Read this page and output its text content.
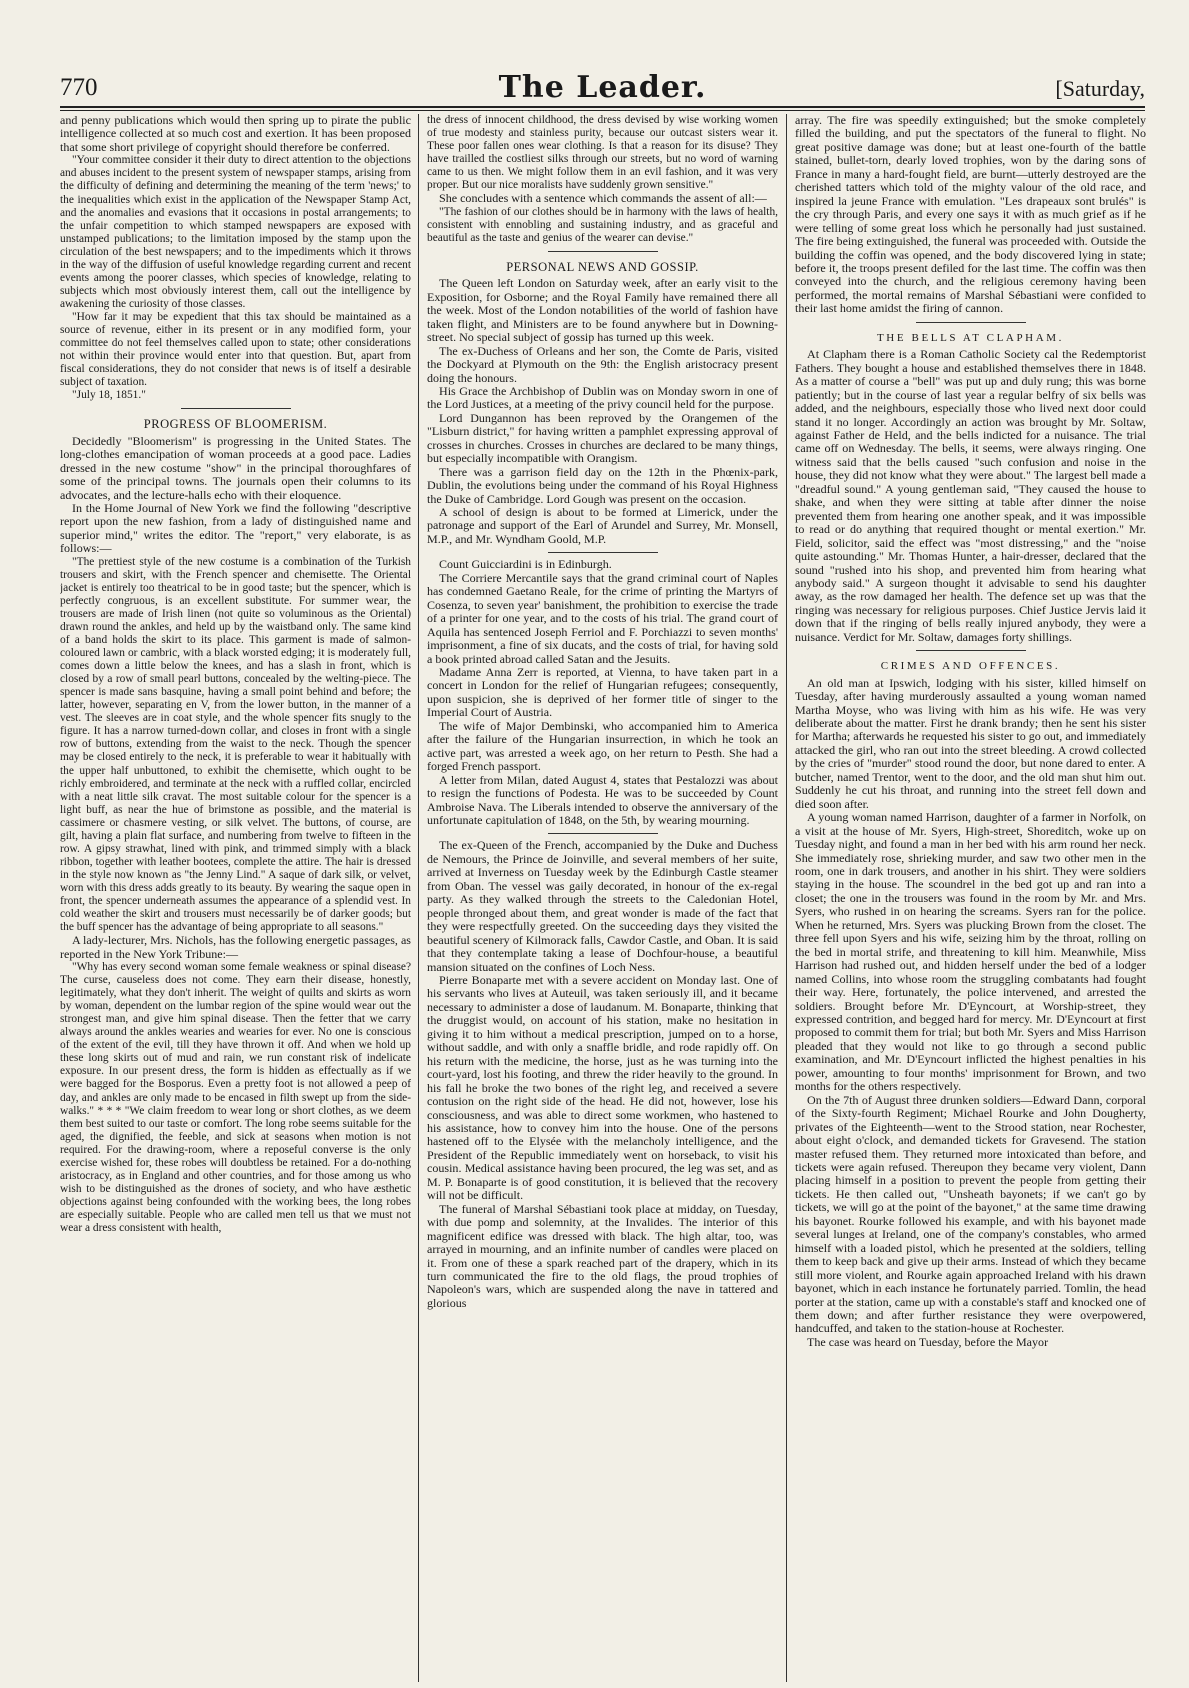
770	The Leader.	[Saturday,

and penny publications which would then spring up to pirate the public intelligence collected at so much cost and exertion. It has been proposed that some short privilege of copyright should therefore be conferred.

"Your committee consider it their duty to direct attention to the objections and abuses incident to the present system of newspaper stamps, arising from the difficulty of defining and determining the meaning of the term 'news;' to the inequalities which exist in the application of the Newspaper Stamp Act, and the anomalies and evasions that it occasions in postal arrangements; to the unfair competition to which stamped newspapers are exposed with unstamped publications; to the limitation imposed by the stamp upon the circulation of the best newspapers; and to the impediments which it throws in the way of the diffusion of useful knowledge regarding current and recent events among the poorer classes, which species of knowledge, relating to subjects which most obviously interest them, call out the intelligence by awakening the curiosity of those classes.

"How far it may be expedient that this tax should be maintained as a source of revenue, either in its present or in any modified form, your committee do not feel themselves called upon to state; other considerations not within their province would enter into that question. But, apart from fiscal considerations, they do not consider that news is of itself a desirable subject of taxation.

"July 18, 1851."

PROGRESS OF BLOOMERISM.

Decidedly "Bloomerism" is progressing in the United States. The long-clothes emancipation of woman proceeds at a good pace. Ladies dressed in the new costume "show" in the principal thoroughfares of some of the principal towns. The journals open their columns to its advocates, and the lecture-halls echo with their eloquence.

In the Home Journal of New York we find the following "descriptive report upon the new fashion, from a lady of distinguished name and superior mind," writes the editor. The "report," very elaborate, is as follows:—

"The prettiest style of the new costume is a combination of the Turkish trousers and skirt, with the French spencer and chemisette. The Oriental jacket is entirely too theatrical to be in good taste; but the spencer, which is perfectly congruous, is an excellent substitute. For summer wear, the trousers are made of Irish linen (not quite so voluminous as the Oriental) drawn round the ankles, and held up by the waistband only. The same kind of a band holds the skirt to its place. This garment is made of salmon-coloured lawn or cambric, with a black worsted edging; it is moderately full, comes down a little below the knees, and has a slash in front, which is closed by a row of small pearl buttons, concealed by the welting-piece. The spencer is made sans basquine, having a small point behind and before; the latter, however, separating en V, from the lower button, in the manner of a vest. The sleeves are in coat style, and the whole spencer fits snugly to the figure. It has a narrow turned-down collar, and closes in front with a single row of buttons, extending from the waist to the neck. Though the spencer may be closed entirely to the neck, it is preferable to wear it habitually with the upper half unbuttoned, to exhibit the chemisette, which ought to be richly embroidered, and terminate at the neck with a ruffled collar, encircled with a neat little silk cravat. The most suitable colour for the spencer is a light buff, as near the hue of brimstone as possible, and the material is cassimere or chasmere vesting, or silk velvet. The buttons, of course, are gilt, having a plain flat surface, and numbering from twelve to fifteen in the row. A gipsy strawhat, lined with pink, and trimmed simply with a black ribbon, together with leather bootees, complete the attire. The hair is dressed in the style now known as "the Jenny Lind." A saque of dark silk, or velvet, worn with this dress adds greatly to its beauty. By wearing the saque open in front, the spencer underneath assumes the appearance of a splendid vest. In cold weather the skirt and trousers must necessarily be of darker goods; but the buff spencer has the advantage of being appropriate to all seasons."

A lady-lecturer, Mrs. Nichols, has the following energetic passages, as reported in the New York Tribune:—

"Why has every second woman some female weakness or spinal disease? The curse, causeless does not come. They earn their disease, honestly, legitimately, what they don't inherit. The weight of quilts and skirts as worn by woman, dependent on the lumbar region of the spine would wear out the strongest man, and give him spinal disease. Then the fetter that we carry always around the ankles wearies and wearies for ever. No one is conscious of the extent of the evil, till they have thrown it off. And when we hold up these long skirts out of mud and rain, we run constant risk of indelicate exposure. In our present dress, the form is hidden as effectually as if we were bagged for the Bosporus. Even a pretty foot is not allowed a peep of day, and ankles are only made to be encased in filth swept up from the side-walks." * * * "We claim freedom to wear long or short clothes, as we deem them best suited to our taste or comfort. The long robe seems suitable for the aged, the dignified, the feeble, and sick at seasons when motion is not required. For the drawing-room, where a reposeful converse is the only exercise wished for, these robes will doubtless be retained. For a do-nothing aristocracy, as in England and other countries, and for those among us who wish to be distinguished as the drones of society, and who have æsthetic objections against being confounded with the working bees, the long robes are especially suitable. People who are called men tell us that we must not wear a dress consistent with health,

the dress of innocent childhood, the dress devised by wise working women of true modesty and stainless purity, because our outcast sisters wear it. These poor fallen ones wear clothing. Is that a reason for its disuse? They have trailled the costliest silks through our streets, but no word of warning came to us then. We might follow them in an evil fashion, and it was very proper. But our nice moralists have suddenly grown sensitive."

She concludes with a sentence which commands the assent of all:—

"The fashion of our clothes should be in harmony with the laws of health, consistent with ennobling and sustaining industry, and as graceful and beautiful as the taste and genius of the wearer can devise."

PERSONAL NEWS AND GOSSIP.

The Queen left London on Saturday week, after an early visit to the Exposition, for Osborne; and the Royal Family have remained there all the week. Most of the London notabilities of the world of fashion have taken flight, and Ministers are to be found anywhere but in Downing-street. No special subject of gossip has turned up this week.

The ex-Duchess of Orleans and her son, the Comte de Paris, visited the Dockyard at Plymouth on the 9th: the English aristocracy present doing the honours.

His Grace the Archbishop of Dublin was on Monday sworn in one of the Lord Justices, at a meeting of the privy council held for the purpose.

Lord Dungannon has been reproved by the Orangemen of the "Lisburn district," for having written a pamphlet expressing approval of crosses in churches. Crosses in churches are declared to be many things, but especially incompatible with Orangism.

There was a garrison field day on the 12th in the Phœnix-park, Dublin, the evolutions being under the command of his Royal Highness the Duke of Cambridge. Lord Gough was present on the occasion.

A school of design is about to be formed at Limerick, under the patronage and support of the Earl of Arundel and Surrey, Mr. Monsell, M.P., and Mr. Wyndham Goold, M.P.

Count Guicciardini is in Edinburgh.

The Corriere Mercantile says that the grand criminal court of Naples has condemned Gaetano Reale, for the crime of printing the Martyrs of Cosenza, to seven year' banishment, the prohibition to exercise the trade of a printer for one year, and to the costs of his trial. The grand court of Aquila has sentenced Joseph Ferriol and F. Porchiazzi to seven months' imprisonment, a fine of six ducats, and the costs of trial, for having sold a book printed abroad called Satan and the Jesuits.

Madame Anna Zerr is reported, at Vienna, to have taken part in a concert in London for the relief of Hungarian refugees; consequently, upon suspicion, she is deprived of her former title of singer to the Imperial Court of Austria.

The wife of Major Dembinski, who accompanied him to America after the failure of the Hungarian insurrection, in which he took an active part, was arrested a week ago, on her return to Pesth. She had a forged French passport.

A letter from Milan, dated August 4, states that Pestalozzi was about to resign the functions of Podesta. He was to be succeeded by Count Ambroise Nava. The Liberals intended to observe the anniversary of the unfortunate capitulation of 1848, on the 5th, by wearing mourning.

The ex-Queen of the French, accompanied by the Duke and Duchess de Nemours, the Prince de Joinville, and several members of her suite, arrived at Inverness on Tuesday week by the Edinburgh Castle steamer from Oban. The vessel was gaily decorated, in honour of the ex-regal party. As they walked through the streets to the Caledonian Hotel, people thronged about them, and great wonder is made of the fact that they were respectfully greeted. On the succeeding days they visited the beautiful scenery of Kilmorack falls, Cawdor Castle, and Oban. It is said that they contemplate taking a lease of Dochfour-house, a beautiful mansion situated on the confines of Loch Ness.

Pierre Bonaparte met with a severe accident on Monday last. One of his servants who lives at Auteuil, was taken seriously ill, and it became necessary to administer a dose of laudanum. M. Bonaparte, thinking that the druggist would, on account of his station, make no hesitation in giving it to him without a medical prescription, jumped on to a horse, without saddle, and with only a snaffle bridle, and rode rapidly off. On his return with the medicine, the horse, just as he was turning into the court-yard, lost his footing, and threw the rider heavily to the ground. In his fall he broke the two bones of the right leg, and received a severe contusion on the right side of the head. He did not, however, lose his consciousness, and was able to direct some workmen, who hastened to his assistance, how to convey him into the house. One of the persons hastened off to the Elysée with the melancholy intelligence, and the President of the Republic immediately went on horseback, to visit his cousin. Medical assistance having been procured, the leg was set, and as M. P. Bonaparte is of good constitution, it is believed that the recovery will not be difficult.

The funeral of Marshal Sébastiani took place at midday, on Tuesday, with due pomp and solemnity, at the Invalides. The interior of this magnificent edifice was dressed with black. The high altar, too, was arrayed in mourning, and an infinite number of candles were placed on it. From one of these a spark reached part of the drapery, which in its turn communicated the fire to the old flags, the proud trophies of Napoleon's wars, which are suspended along the nave in tattered and glorious

array. The fire was speedily extinguished; but the smoke completely filled the building, and put the spectators of the funeral to flight. No great positive damage was done; but at least one-fourth of the battle stained, bullet-torn, dearly loved trophies, won by the daring sons of France in many a hard-fought field, are burnt—utterly destroyed are the cherished tatters which told of the mighty valour of the old race, and inspired la jeune France with emulation. "Les drapeaux sont brulés" is the cry through Paris, and every one says it with as much grief as if he were telling of some great loss which he personally had just sustained. The fire being extinguished, the funeral was proceeded with. Outside the building the coffin was opened, and the body discovered lying in state; before it, the troops present defiled for the last time. The coffin was then conveyed into the church, and the religious ceremony having been performed, the mortal remains of Marshal Sébastiani were confided to their last home amidst the firing of cannon.

THE BELLS AT CLAPHAM.

At Clapham there is a Roman Catholic Society cal the Redemptorist Fathers. They bought a house and established themselves there in 1848. As a matter of course a "bell" was put up and duly rung; this was borne patiently; but in the course of last year a regular belfry of six bells was added, and the neighbours, especially those who lived next door could stand it no longer. Accordingly an action was brought by Mr. Soltaw, against Father de Held, and the bells indicted for a nuisance. The trial came off on Wednesday. The bells, it seems, were always ringing. One witness said that the bells caused "such confusion and noise in the house, they did not know what they were about." The largest bell made a "dreadful sound." A young gentleman said, "They caused the house to shake, and when they were sitting at table after dinner the noise prevented them from hearing one another speak, and it was impossible to read or do anything that required thought or mental exertion." Mr. Field, solicitor, said the effect was "most distressing," and the "noise quite astounding." Mr. Thomas Hunter, a hair-dresser, declared that the sound "rushed into his shop, and prevented him from hearing what anybody said." A surgeon thought it advisable to send his daughter away, as the row damaged her health. The defence set up was that the ringing was necessary for religious purposes. Chief Justice Jervis laid it down that if the ringing of bells really injured anybody, they were a nuisance. Verdict for Mr. Soltaw, damages forty shillings.

CRIMES AND OFFENCES.

An old man at Ipswich, lodging with his sister, killed himself on Tuesday, after having murderously assaulted a young woman named Martha Moyse, who was living with him as his wife. He was very deliberate about the matter. First he drank brandy; then he sent his sister for Martha; afterwards he requested his sister to go out, and immediately attacked the girl, who ran out into the street bleeding. A crowd collected by the cries of "murder" stood round the door, but none dared to enter. A butcher, named Trentor, went to the door, and the old man shut him out. Suddenly he cut his throat, and running into the street fell down and died soon after.

A young woman named Harrison, daughter of a farmer in Norfolk, on a visit at the house of Mr. Syers, High-street, Shoreditch, woke up on Tuesday night, and found a man in her bed with his arm round her neck. She immediately rose, shrieking murder, and saw two other men in the room, one in dark trousers, and another in his shirt. They were soldiers staying in the house. The scoundrel in the bed got up and ran into a closet; the one in the trousers was found in the room by Mr. and Mrs. Syers, who rushed in on hearing the screams. Syers ran for the police. When he returned, Mrs. Syers was plucking Brown from the closet. The three fell upon Syers and his wife, seizing him by the throat, rolling on the bed in mortal strife, and threatening to kill him. Meanwhile, Miss Harrison had rushed out, and hidden herself under the bed of a lodger named Collins, into whose room the struggling combatants had fought their way. Here, fortunately, the police intervened, and arrested the soldiers. Brought before Mr. D'Eyncourt, at Worship-street, they expressed contrition, and begged hard for mercy. Mr. D'Eyncourt at first proposed to commit them for trial; but both Mr. Syers and Miss Harrison pleaded that they would not like to go through a second public examination, and Mr. D'Eyncourt inflicted the highest penalties in his power, amounting to four months' imprisonment for Brown, and two months for the others respectively.

On the 7th of August three drunken soldiers—Edward Dann, corporal of the Sixty-fourth Regiment; Michael Rourke and John Dougherty, privates of the Eighteenth—went to the Strood station, near Rochester, about eight o'clock, and demanded tickets for Gravesend. The station master refused them. They returned more intoxicated than before, and tickets were again refused. Thereupon they became very violent, Dann placing himself in a position to prevent the people from getting their tickets. He then called out, "Unsheath bayonets; if we can't go by tickets, we will go at the point of the bayonet," at the same time drawing his bayonet. Rourke followed his example, and with his bayonet made several lunges at Ireland, one of the company's constables, who armed himself with a loaded pistol, which he presented at the soldiers, telling them to keep back and give up their arms. Instead of which they became still more violent, and Rourke again approached Ireland with his drawn bayonet, which in each instance he fortunately parried. Tomlin, the head porter at the station, came up with a constable's staff and knocked one of them down; and after further resistance they were overpowered, handcuffed, and taken to the station-house at Rochester.

The case was heard on Tuesday, before the Mayor
